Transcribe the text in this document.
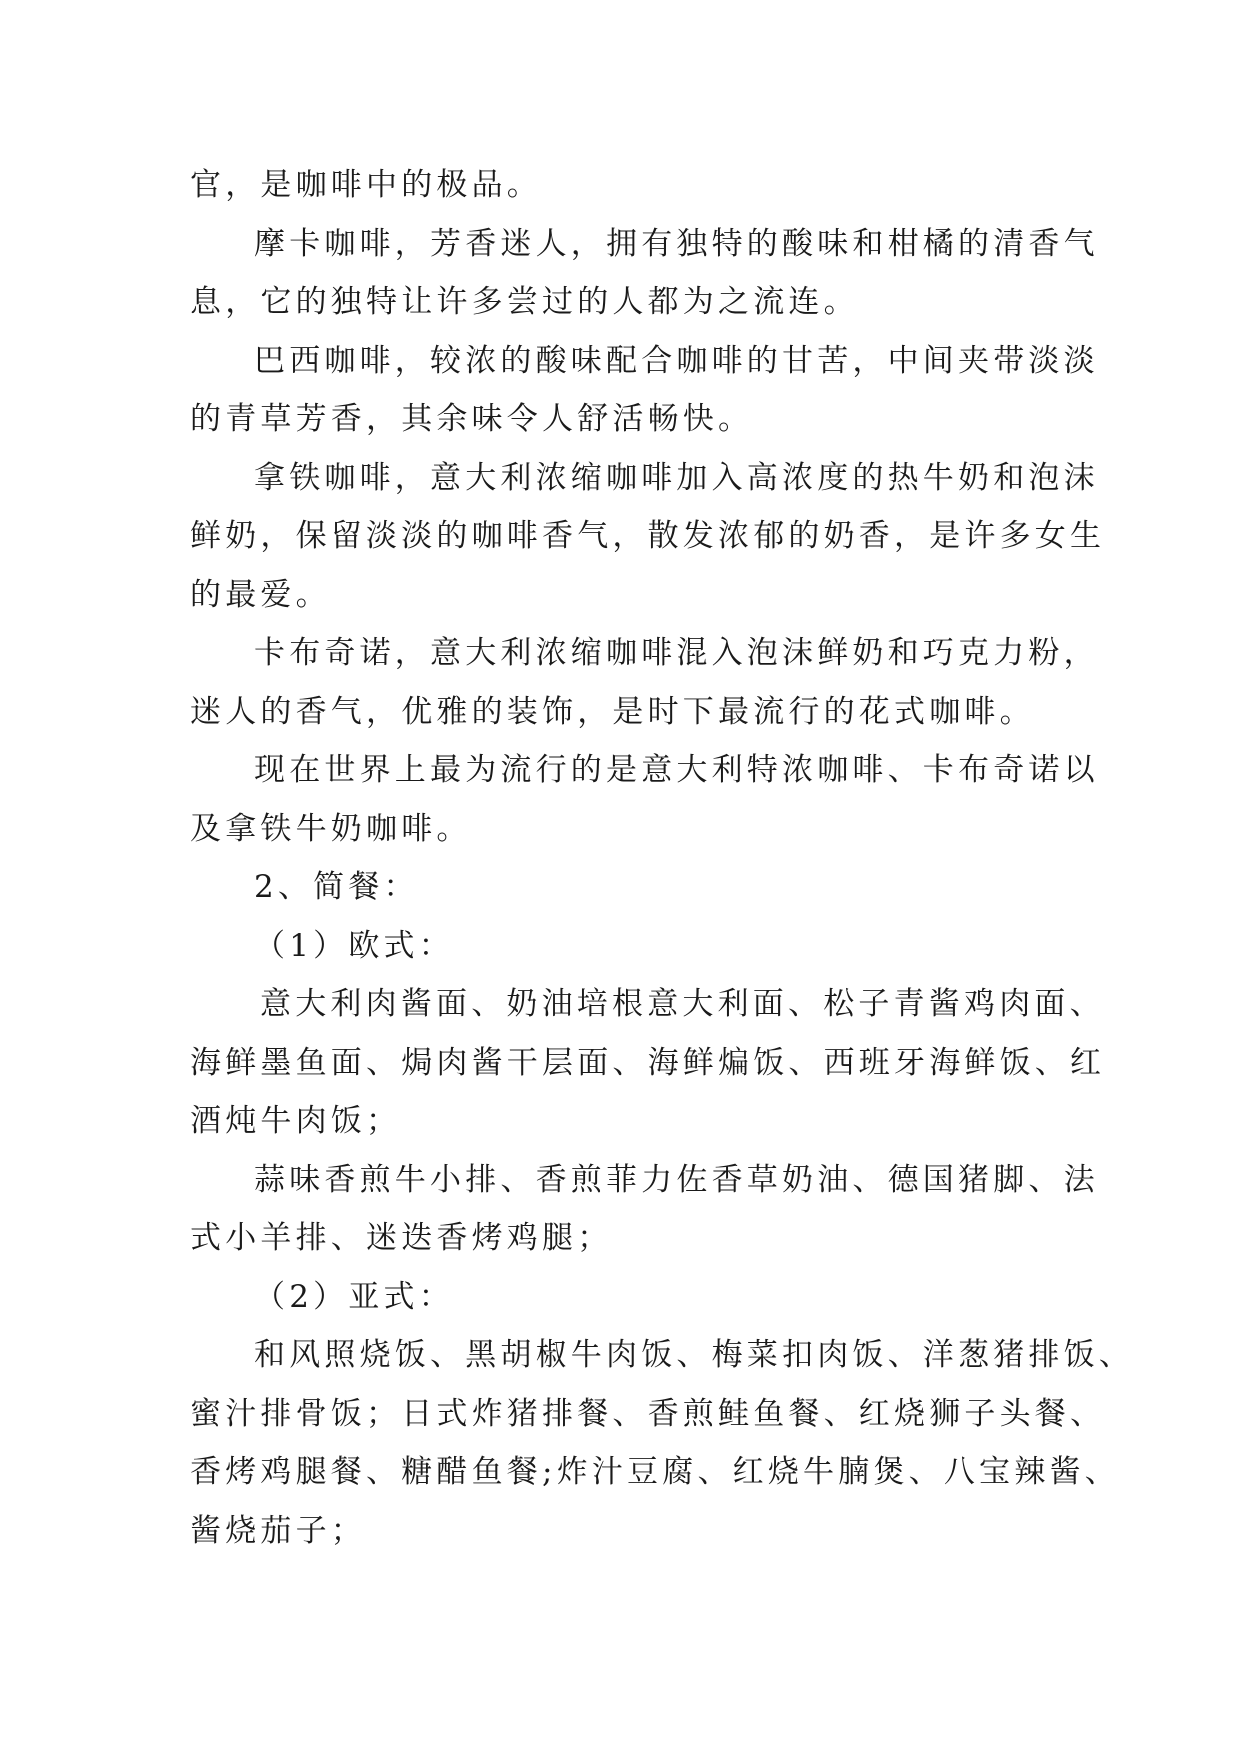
官，是咖啡中的极品。

摩卡咖啡，芳香迷人，拥有独特的酸味和柑橘的清香气

息，它的独特让许多尝过的人都为之流连。

巴西咖啡，较浓的酸味配合咖啡的甘苦，中间夹带淡淡

的青草芳香，其余味令人舒活畅快。

拿铁咖啡，意大利浓缩咖啡加入高浓度的热牛奶和泡沫

鲜奶，保留淡淡的咖啡香气，散发浓郁的奶香，是许多女生

的最爱。

卡布奇诺，意大利浓缩咖啡混入泡沫鲜奶和巧克力粉，

迷人的香气，优雅的装饰，是时下最流行的花式咖啡。

现在世界上最为流行的是意大利特浓咖啡、卡布奇诺以

及拿铁牛奶咖啡。

2、简餐：

（1）欧式：

意大利肉酱面、奶油培根意大利面、松子青酱鸡肉面、

海鲜墨鱼面、焗肉酱干层面、海鲜煸饭、西班牙海鲜饭、红

酒炖牛肉饭；

蒜味香煎牛小排、香煎菲力佐香草奶油、德国猪脚、法

式小羊排、迷迭香烤鸡腿；

（2）亚式：

和风照烧饭、黑胡椒牛肉饭、梅菜扣肉饭、洋葱猪排饭、

蜜汁排骨饭；日式炸猪排餐、香煎鲑鱼餐、红烧狮子头餐、

香烤鸡腿餐、糖醋鱼餐;炸汁豆腐、红烧牛腩煲、八宝辣酱、

酱烧茄子；
